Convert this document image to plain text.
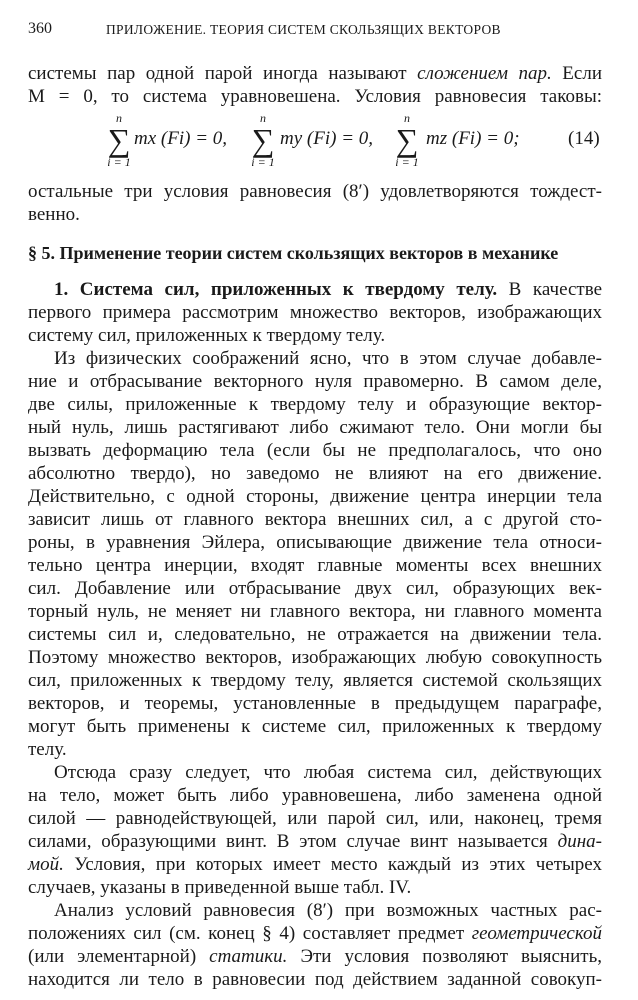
360	ПРИЛОЖЕНИЕ. ТЕОРИЯ СИСТЕМ СКОЛЬЗЯЩИХ ВЕКТОРОВ
системы пар одной парой иногда называют сложением пар. Если
M = 0, то система уравновешена. Условия равновесия таковы:
n
∑
i = 1
mx (Fi) = 0,
n
∑
i = 1
my (Fi) = 0,
n
∑
i = 1
mz (Fi) = 0;	(14)
остальные три условия равновесия (8′) удовлетворяются тождест-
венно.
§ 5. Применение теории систем скользящих векторов в механике
1. Система сил, приложенных к твердому телу. В качестве
первого примера рассмотрим множество векторов, изображающих
систему сил, приложенных к твердому телу.
Из физических соображений ясно, что в этом случае добавле-
ние и отбрасывание векторного нуля правомерно. В самом деле,
две силы, приложенные к твердому телу и образующие вектор-
ный нуль, лишь растягивают либо сжимают тело. Они могли бы
вызвать деформацию тела (если бы не предполагалось, что оно
абсолютно твердо), но заведомо не влияют на его движение.
Действительно, с одной стороны, движение центра инерции тела
зависит лишь от главного вектора внешних сил, а с другой сто-
роны, в уравнения Эйлера, описывающие движение тела относи-
тельно центра инерции, входят главные моменты всех внешних
сил. Добавление или отбрасывание двух сил, образующих век-
торный нуль, не меняет ни главного вектора, ни главного момента
системы сил и, следовательно, не отражается на движении тела.
Поэтому множество векторов, изображающих любую совокупность
сил, приложенных к твердому телу, является системой скользящих
векторов, и теоремы, установленные в предыдущем параграфе,
могут быть применены к системе сил, приложенных к твердому
телу.
Отсюда сразу следует, что любая система сил, действующих
на тело, может быть либо уравновешена, либо заменена одной
силой — равнодействующей, или парой сил, или, наконец, тремя
силами, образующими винт. В этом случае винт называется дина-
мой. Условия, при которых имеет место каждый из этих четырех
случаев, указаны в приведенной выше табл. IV.
Анализ условий равновесия (8′) при возможных частных рас-
положениях сил (см. конец § 4) составляет предмет геометрической
(или элементарной) статики. Эти условия позволяют выяснить,
находится ли тело в равновесии под действием заданной совокуп-
